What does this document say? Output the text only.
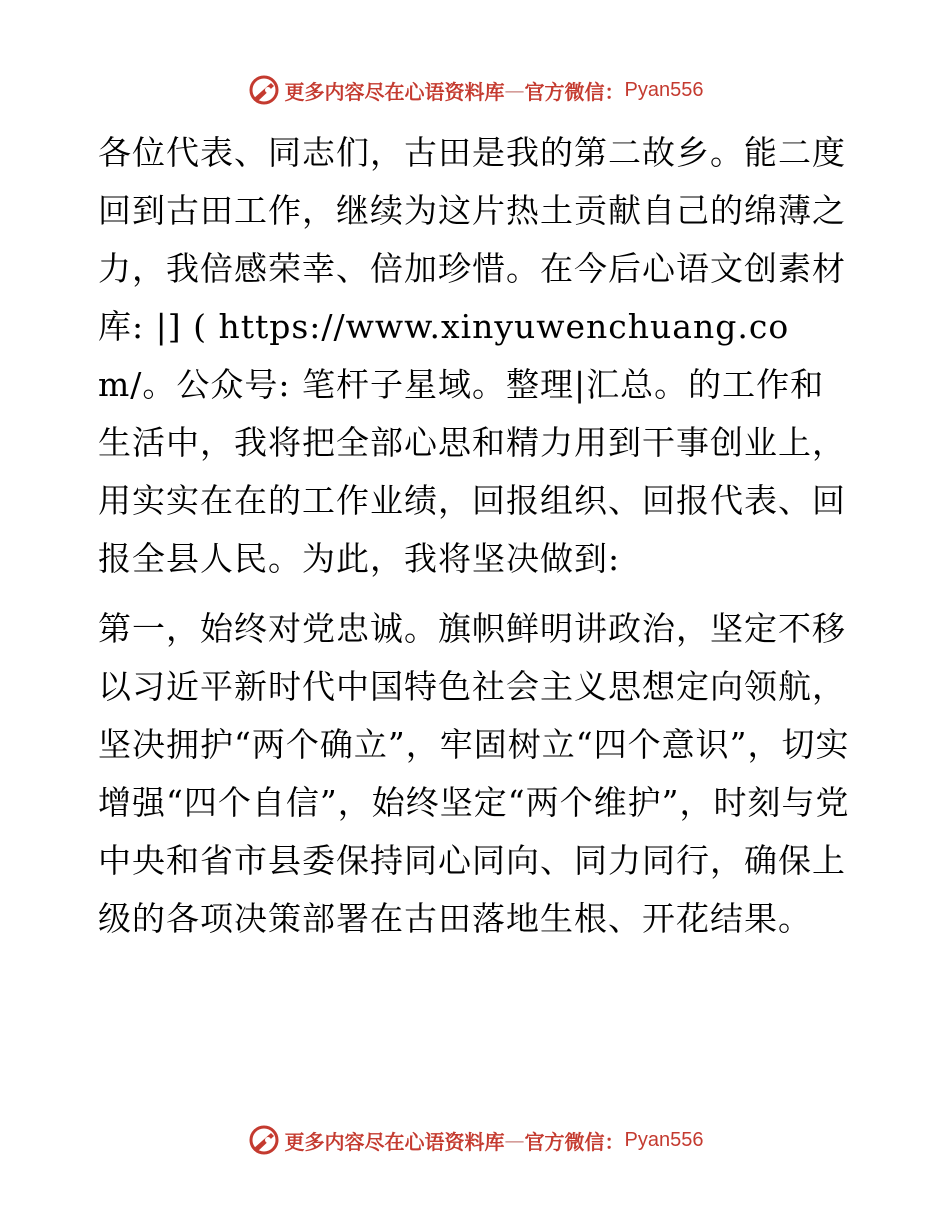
更多内容尽在心语资料库 — 官方微信： Pyan556

各位代表、同志们，古田是我的第二故乡。能二度回到古田工作，继续为这片热土贡献自己的绵薄之力，我倍感荣幸、倍加珍惜。在今后心语文创素材库: |] ( https://www.xinyuwenchuang.com/。公众号: 笔杆子星域。整理|汇总。的工作和生活中，我将把全部心思和精力用到干事创业上，用实实在在的工作业绩，回报组织、回报代表、回报全县人民。为此，我将坚决做到:

第一，始终对党忠诚。旗帜鲜明讲政治，坚定不移以习近平新时代中国特色社会主义思想定向领航，坚决拥护“两个确立”，牢固树立“四个意识”，切实增强“四个自信”，始终坚定“两个维护”，时刻与党中央和省市县委保持同心同向、同力同行，确保上级的各项决策部署在古田落地生根、开花结果。

更多内容尽在心语资料库 — 官方微信： Pyan556
